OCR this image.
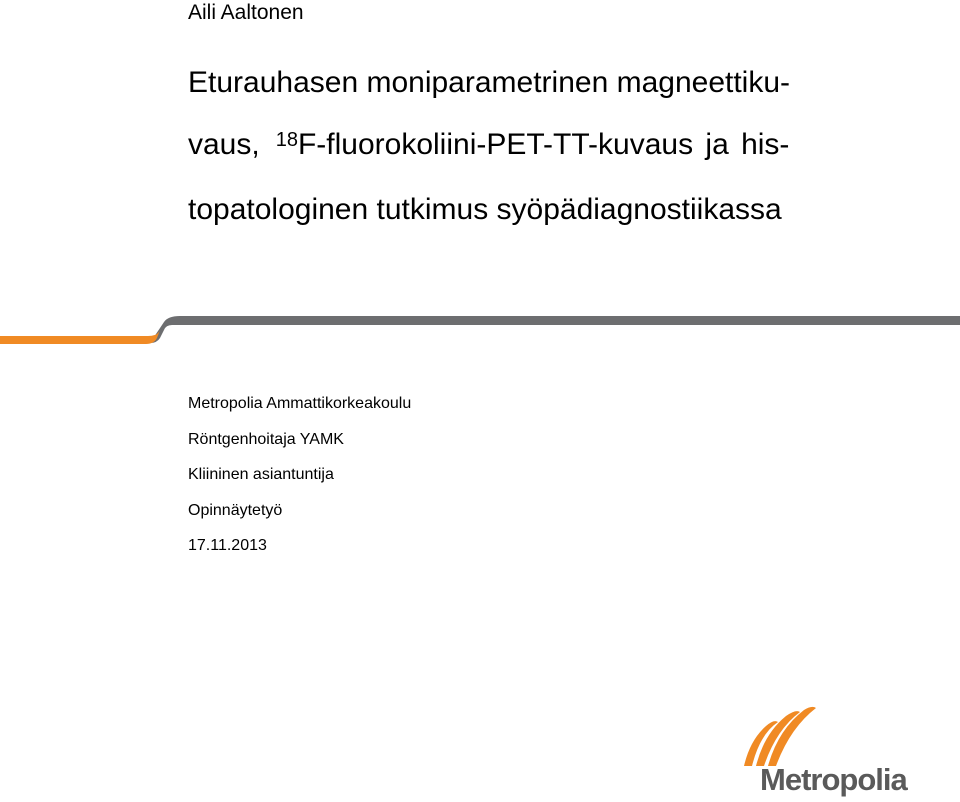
Aili Aaltonen
Eturauhasen moniparametrinen magneettiku-
vaus, $^{18}$F-fluorokoliini-PET-TT-kuvaus ja his-
topatologinen tutkimus syöpädiagnostiikassa
Metropolia Ammattikorkeakoulu
Röntgenhoitaja YAMK
Kliininen asiantuntija
Opinnäytetyö
17.11.2013
Metropolia
